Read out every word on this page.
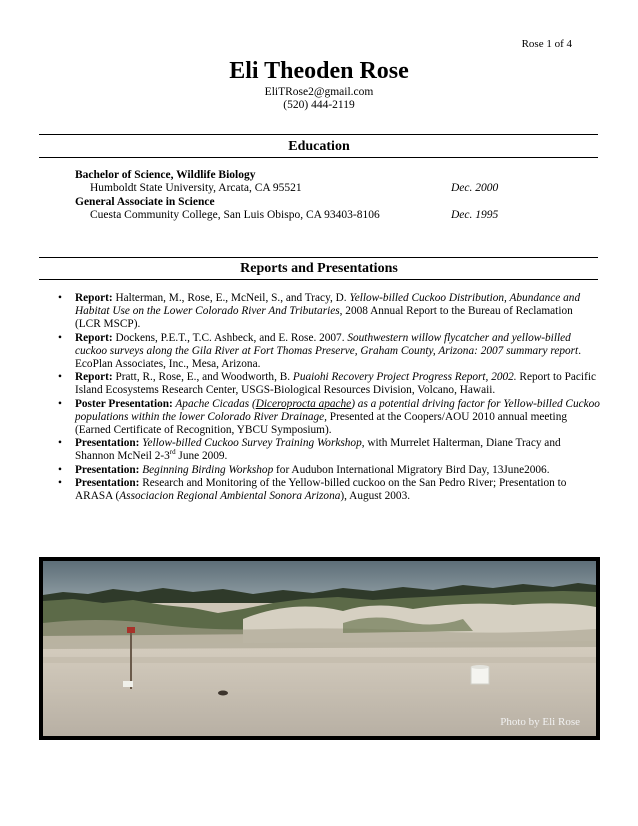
Rose 1 of 4
Eli Theoden Rose
EliTRose2@gmail.com
(520) 444-2119
Education
Bachelor of Science, Wildlife Biology
Humboldt State University, Arcata, CA 95521	Dec. 2000
General Associate in Science
Cuesta Community College, San Luis Obispo, CA 93403-8106	Dec. 1995
Reports and Presentations
• Report: Halterman, M., Rose, E., McNeil, S., and Tracy, D. Yellow-billed Cuckoo Distribution, Abundance and Habitat Use on the Lower Colorado River And Tributaries, 2008 Annual Report to the Bureau of Reclamation (LCR MSCP).
• Report: Dockens, P.E.T., T.C. Ashbeck, and E. Rose. 2007. Southwestern willow flycatcher and yellow-billed cuckoo surveys along the Gila River at Fort Thomas Preserve, Graham County, Arizona: 2007 summary report. EcoPlan Associates, Inc., Mesa, Arizona.
• Report: Pratt, R., Rose, E., and Woodworth, B. Puaiohi Recovery Project Progress Report, 2002. Report to Pacific Island Ecosystems Research Center, USGS-Biological Resources Division, Volcano, Hawaii.
• Poster Presentation: Apache Cicadas (Diceroprocta apache) as a potential driving factor for Yellow-billed Cuckoo populations within the lower Colorado River Drainage, Presented at the Coopers/AOU 2010 annual meeting (Earned Certificate of Recognition, YBCU Symposium).
• Presentation: Yellow-billed Cuckoo Survey Training Workshop, with Murrelet Halterman, Diane Tracy and Shannon McNeil 2-3rd June 2009.
• Presentation: Beginning Birding Workshop for Audubon International Migratory Bird Day, 13June2006.
• Presentation: Research and Monitoring of the Yellow-billed cuckoo on the San Pedro River; Presentation to ARASA (Associacion Regional Ambiental Sonora Arizona), August 2003.
Photo by Eli Rose
